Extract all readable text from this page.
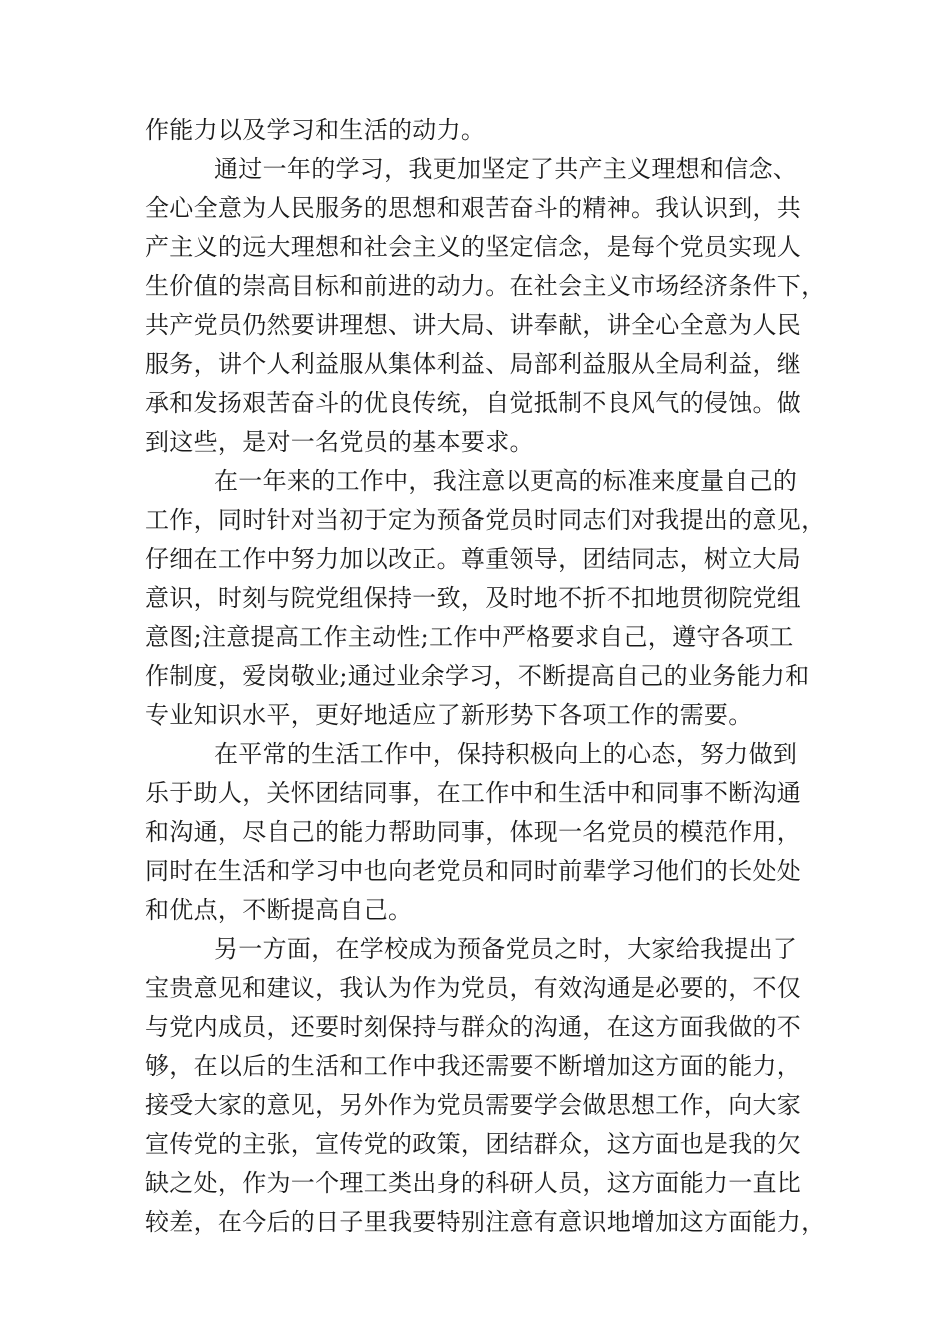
作能力以及学习和生活的动力。
通过一年的学习，我更加坚定了共产主义理想和信念、
全心全意为人民服务的思想和艰苦奋斗的精神。我认识到，共
产主义的远大理想和社会主义的坚定信念，是每个党员实现人
生价值的崇高目标和前进的动力。在社会主义市场经济条件下，
共产党员仍然要讲理想、讲大局、讲奉献，讲全心全意为人民
服务，讲个人利益服从集体利益、局部利益服从全局利益，继
承和发扬艰苦奋斗的优良传统，自觉抵制不良风气的侵蚀。做
到这些，是对一名党员的基本要求。
在一年来的工作中，我注意以更高的标准来度量自己的
工作，同时针对当初于定为预备党员时同志们对我提出的意见，
仔细在工作中努力加以改正。尊重领导，团结同志，树立大局
意识，时刻与院党组保持一致，及时地不折不扣地贯彻院党组
意图;注意提高工作主动性;工作中严格要求自己，遵守各项工
作制度，爱岗敬业;通过业余学习，不断提高自己的业务能力和
专业知识水平，更好地适应了新形势下各项工作的需要。
在平常的生活工作中，保持积极向上的心态，努力做到
乐于助人，关怀团结同事，在工作中和生活中和同事不断沟通
和沟通，尽自己的能力帮助同事，体现一名党员的模范作用，
同时在生活和学习中也向老党员和同时前辈学习他们的长处处
和优点，不断提高自己。
另一方面，在学校成为预备党员之时，大家给我提出了
宝贵意见和建议，我认为作为党员，有效沟通是必要的，不仅
与党内成员，还要时刻保持与群众的沟通，在这方面我做的不
够，在以后的生活和工作中我还需要不断增加这方面的能力，
接受大家的意见，另外作为党员需要学会做思想工作，向大家
宣传党的主张，宣传党的政策，团结群众，这方面也是我的欠
缺之处，作为一个理工类出身的科研人员，这方面能力一直比
较差，在今后的日子里我要特别注意有意识地增加这方面能力，
